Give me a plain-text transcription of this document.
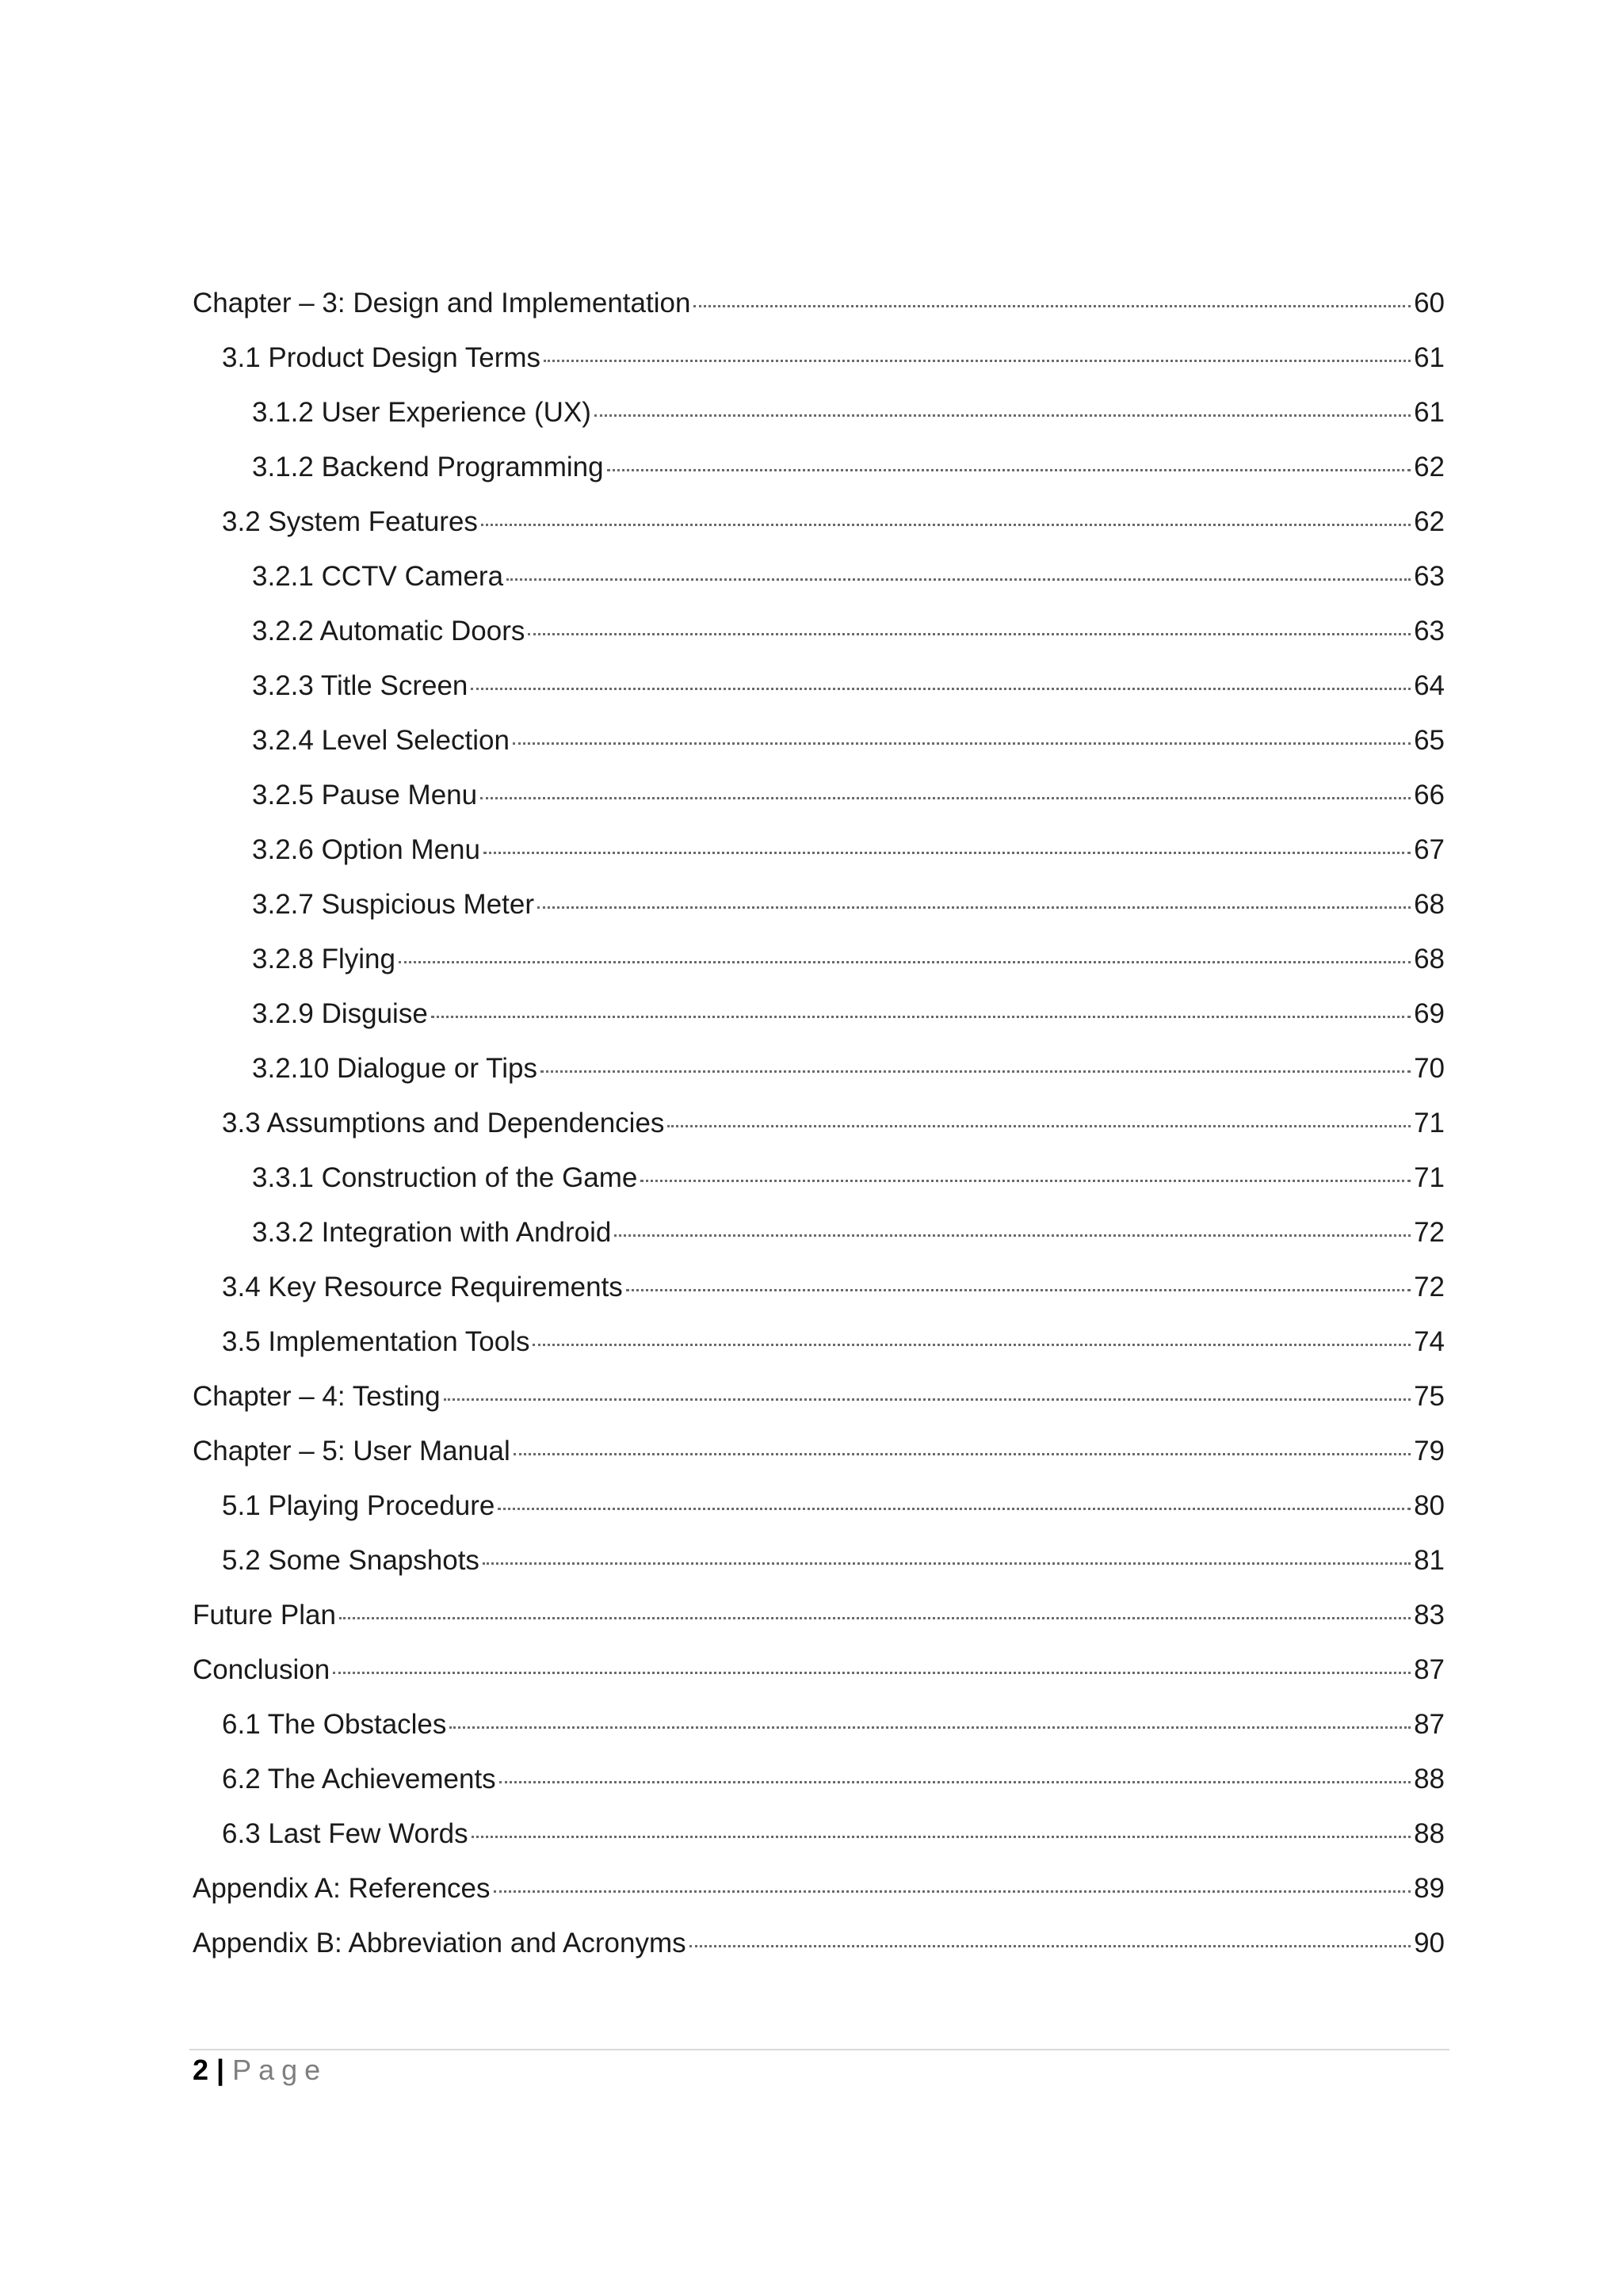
Chapter – 3: Design and Implementation	60
3.1 Product Design Terms	61
3.1.2 User Experience (UX)	61
3.1.2 Backend Programming	62
3.2 System Features	62
3.2.1 CCTV Camera	63
3.2.2 Automatic Doors	63
3.2.3 Title Screen	64
3.2.4 Level Selection	65
3.2.5 Pause Menu	66
3.2.6 Option Menu	67
3.2.7 Suspicious Meter	68
3.2.8 Flying	68
3.2.9 Disguise	69
3.2.10 Dialogue or Tips	70
3.3 Assumptions and Dependencies	71
3.3.1 Construction of the Game	71
3.3.2 Integration with Android	72
3.4 Key Resource Requirements	72
3.5 Implementation Tools	74
Chapter – 4: Testing	75
Chapter – 5: User Manual	79
5.1 Playing Procedure	80
5.2 Some Snapshots	81
Future Plan	83
Conclusion	87
6.1 The Obstacles	87
6.2 The Achievements	88
6.3 Last Few Words	88
Appendix A: References	89
Appendix B: Abbreviation and Acronyms	90
2 | Page
